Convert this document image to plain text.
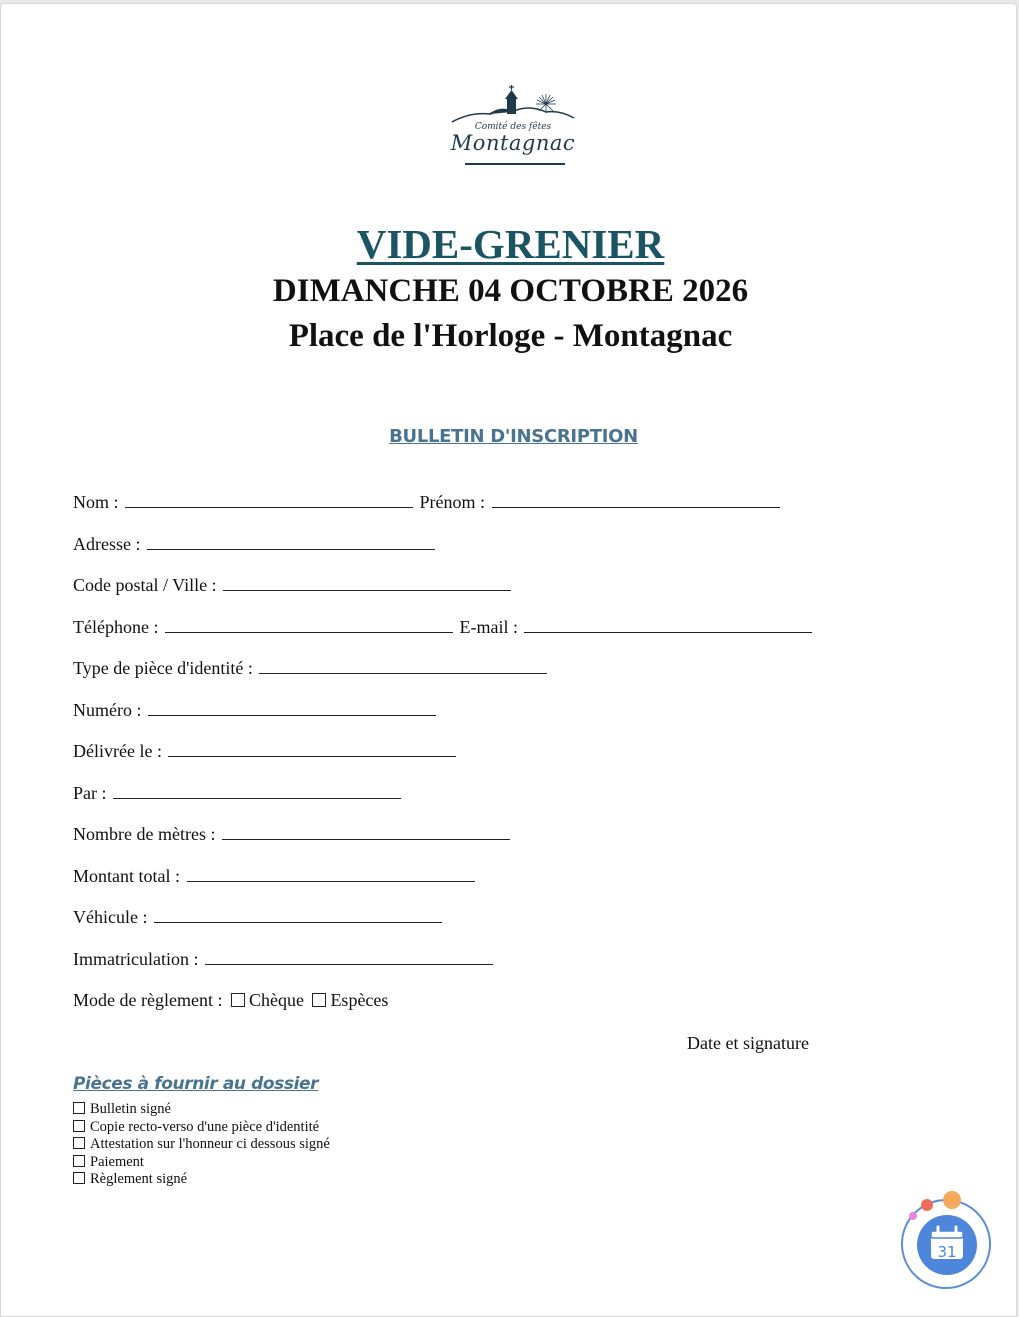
Comité des fêtes
Montagnac
VIDE-GRENIER
DIMANCHE 04 OCTOBRE 2026
Place de l'Horloge - Montagnac
BULLETIN D'INSCRIPTION
Nom :	Prénom :
Adresse :
Code postal / Ville :
Téléphone :	E-mail :
Type de pièce d'identité :
Numéro :
Délivrée le :
Par :
Nombre de mètres :
Montant total :
Véhicule :
Immatriculation :
Mode de règlement : Chèque Espèces
Date et signature
Pièces à fournir au dossier
Bulletin signé
Copie recto-verso d'une pièce d'identité
Attestation sur l'honneur ci dessous signé
Paiement
Règlement signé
31
